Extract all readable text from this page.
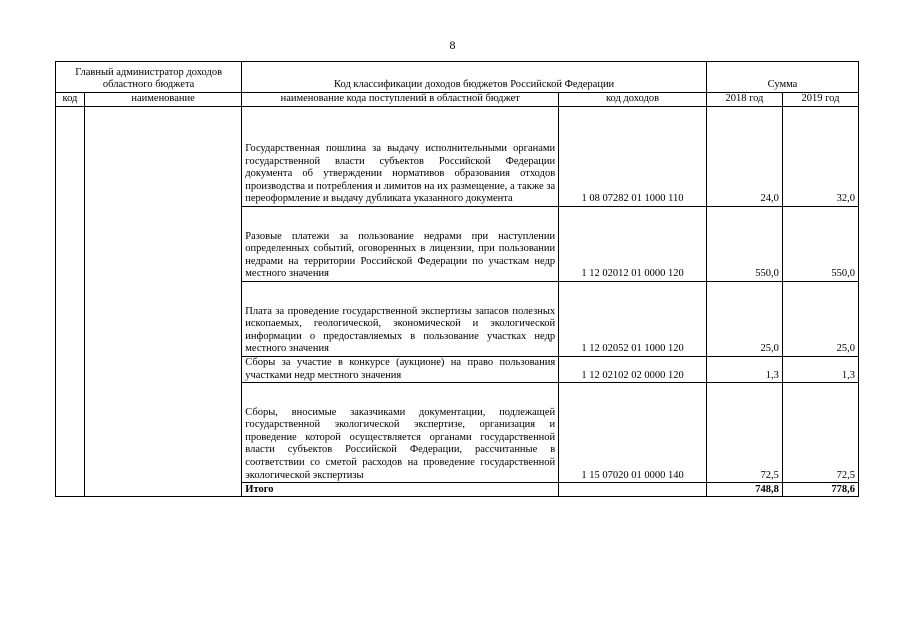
8
Главный администратор доходов областного бюджета		Код классификации доходов бюджетов Российской Федерации		Сумма	
код	наименование	наименование кода поступлений в областной бюджет	код доходов	2018 год	2019 год
		Государственная пошлина за выдачу исполнительными органами государственной власти субъектов Российской Федерации документа об утверждении нормативов образования отходов производства и потребления и лимитов на их размещение, а также за переоформление и выдачу дубликата указанного документа	1 08 07282 01 1000 110	24,0	32,0
		Разовые платежи за пользование недрами при наступлении определенных событий, оговоренных в лицензии, при пользовании недрами на территории Российской Федерации по участкам недр местного значения	1 12 02012 01 0000 120	550,0	550,0
		Плата за проведение государственной экспертизы запасов полезных ископаемых, геологической, экономической и экологической информации о предоставляемых в пользование участках недр местного значения	1 12 02052 01 1000 120	25,0	25,0
		Сборы за участие в конкурсе (аукционе) на право пользования участками недр местного значения	1 12 02102 02 0000 120	1,3	1,3
		Сборы, вносимые заказчиками документации, подлежащей государственной экологической экспертизе, организация и проведение которой осуществляется органами государственной власти субъектов Российской Федерации, рассчитанные в соответствии со сметой расходов на проведение государственной экологической экспертизы	1 15 07020 01 0000 140	72,5	72,5
		Итого		748,8	778,6
